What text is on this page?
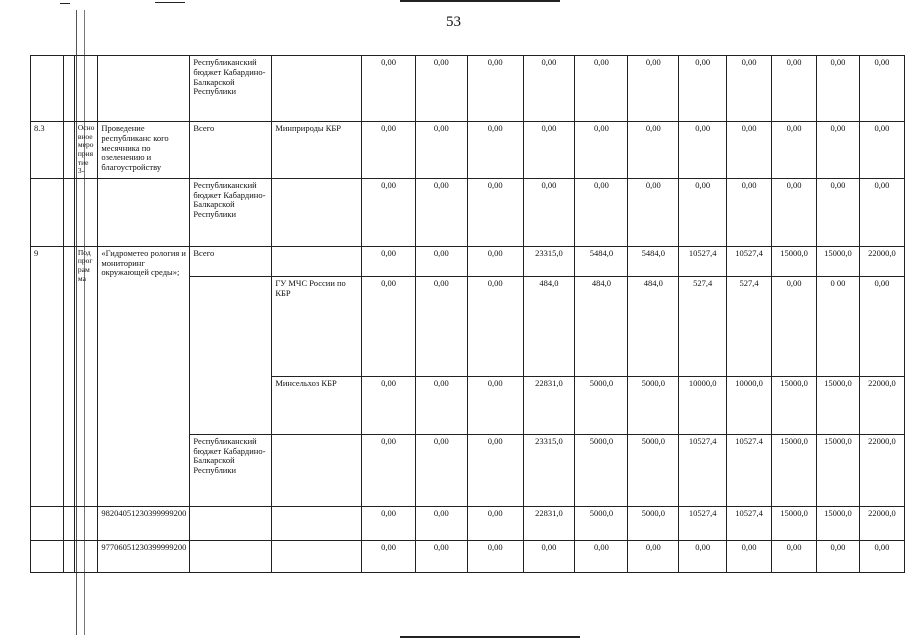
53
				Республиканский бюджет Кабардино-Балкарской Республики		0,00	0,00	0,00	0,00	0,00	0,00	0,00	0,00	0,00	0,00	0,00
8.3		Осно вное меро прия тие 3-	Проведение республиканс кого месячника по озеленению и благоустройству	Всего	Минприроды КБР	0,00	0,00	0,00	0,00	0,00	0,00	0,00	0,00	0,00	0,00	0,00
				Республиканский бюджет Кабардино-Балкарской Республики		0,00	0,00	0,00	0,00	0,00	0,00	0,00	0,00	0,00	0,00	0,00
9		Под прог рам ма	«Гидрометео рология и мониторинг окружающей среды»;	Всего		0,00	0,00	0,00	23315,0	5484,0	5484,0	10527,4	10527,4	15000,0	15000,0	22000,0
					ГУ МЧС России по КБР	0,00	0,00	0,00	484,0	484,0	484,0	527,4	527,4	0,00	0 00	0,00
					Минсельхоз КБР	0,00	0,00	0,00	22831,0	5000,0	5000,0	10000,0	10000,0	15000,0	15000,0	22000,0
				Республиканский бюджет Кабардино-Балкарской Республики		0,00	0,00	0,00	23315,0	5000,0	5000,0	10527,4	10527.4	15000,0	15000,0	22000,0
			98204051230399999200			0,00	0,00	0,00	22831,0	5000,0	5000,0	10527,4	10527,4	15000,0	15000,0	22000,0
			97706051230399999200			0,00	0,00	0,00	0,00	0,00	0,00	0,00	0,00	0,00	0,00	0,00
